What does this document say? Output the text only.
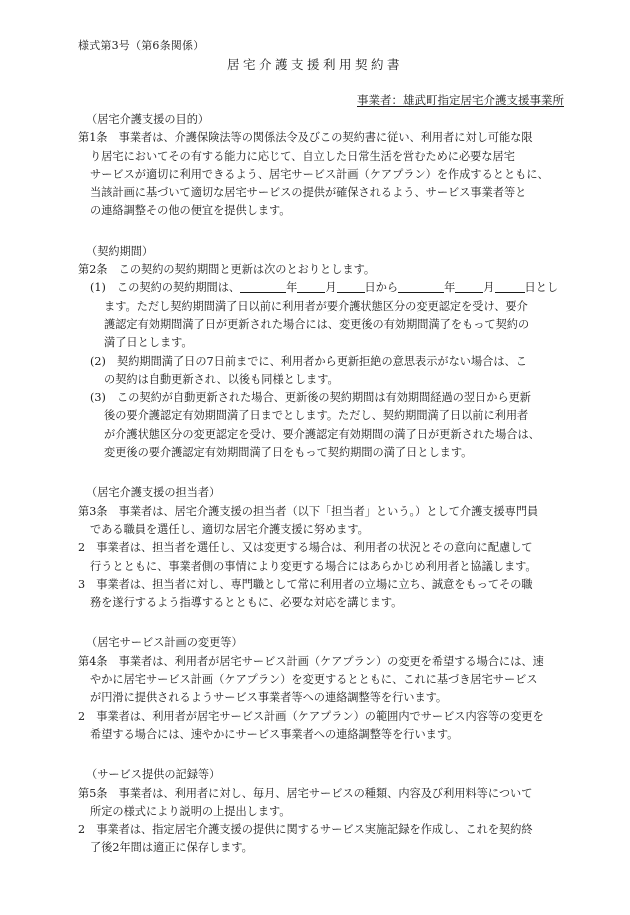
様式第3号（第6条関係）
居宅介護支援利用契約書
事業者：雄武町指定居宅介護支援事業所
（居宅介護支援の目的）
第1条　事業者は、介護保険法等の関係法令及びこの契約書に従い、利用者に対し可能な限
り居宅においてその有する能力に応じて、自立した日常生活を営むために必要な居宅
サービスが適切に利用できるよう、居宅サービス計画（ケアプラン）を作成するとともに、
当該計画に基づいて適切な居宅サービスの提供が確保されるよう、サービス事業者等と
の連絡調整その他の便宜を提供します。
（契約期間）
第2条　この契約の契約期間と更新は次のとおりとします。
(1)　この契約の契約期間は、	年	月	日から	年	月	日とし
ます。ただし契約期間満了日以前に利用者が要介護状態区分の変更認定を受け、要介
護認定有効期間満了日が更新された場合には、変更後の有効期間満了をもって契約の
満了日とします。
(2)　契約期間満了日の7日前までに、利用者から更新拒絶の意思表示がない場合は、こ
の契約は自動更新され、以後も同様とします。
(3)　この契約が自動更新された場合、更新後の契約期間は有効期間経過の翌日から更新
後の要介護認定有効期間満了日までとします。ただし、契約期間満了日以前に利用者
が介護状態区分の変更認定を受け、要介護認定有効期間の満了日が更新された場合は、
変更後の要介護認定有効期間満了日をもって契約期間の満了日とします。
（居宅介護支援の担当者）
第3条　事業者は、居宅介護支援の担当者（以下「担当者」という。）として介護支援専門員
である職員を選任し、適切な居宅介護支援に努めます。
2　事業者は、担当者を選任し、又は変更する場合は、利用者の状況とその意向に配慮して
行うとともに、事業者側の事情により変更する場合にはあらかじめ利用者と協議します。
3　事業者は、担当者に対し、専門職として常に利用者の立場に立ち、誠意をもってその職
務を遂行するよう指導するとともに、必要な対応を講じます。
（居宅サービス計画の変更等）
第4条　事業者は、利用者が居宅サービス計画（ケアプラン）の変更を希望する場合には、速
やかに居宅サービス計画（ケアプラン）を変更するとともに、これに基づき居宅サービス
が円滑に提供されるようサービス事業者等への連絡調整等を行います。
2　事業者は、利用者が居宅サービス計画（ケアプラン）の範囲内でサービス内容等の変更を
希望する場合には、速やかにサービス事業者への連絡調整等を行います。
（サービス提供の記録等）
第5条　事業者は、利用者に対し、毎月、居宅サービスの種類、内容及び利用料等について
所定の様式により説明の上提出します。
2　事業者は、指定居宅介護支援の提供に関するサービス実施記録を作成し、これを契約終
了後2年間は適正に保存します。
